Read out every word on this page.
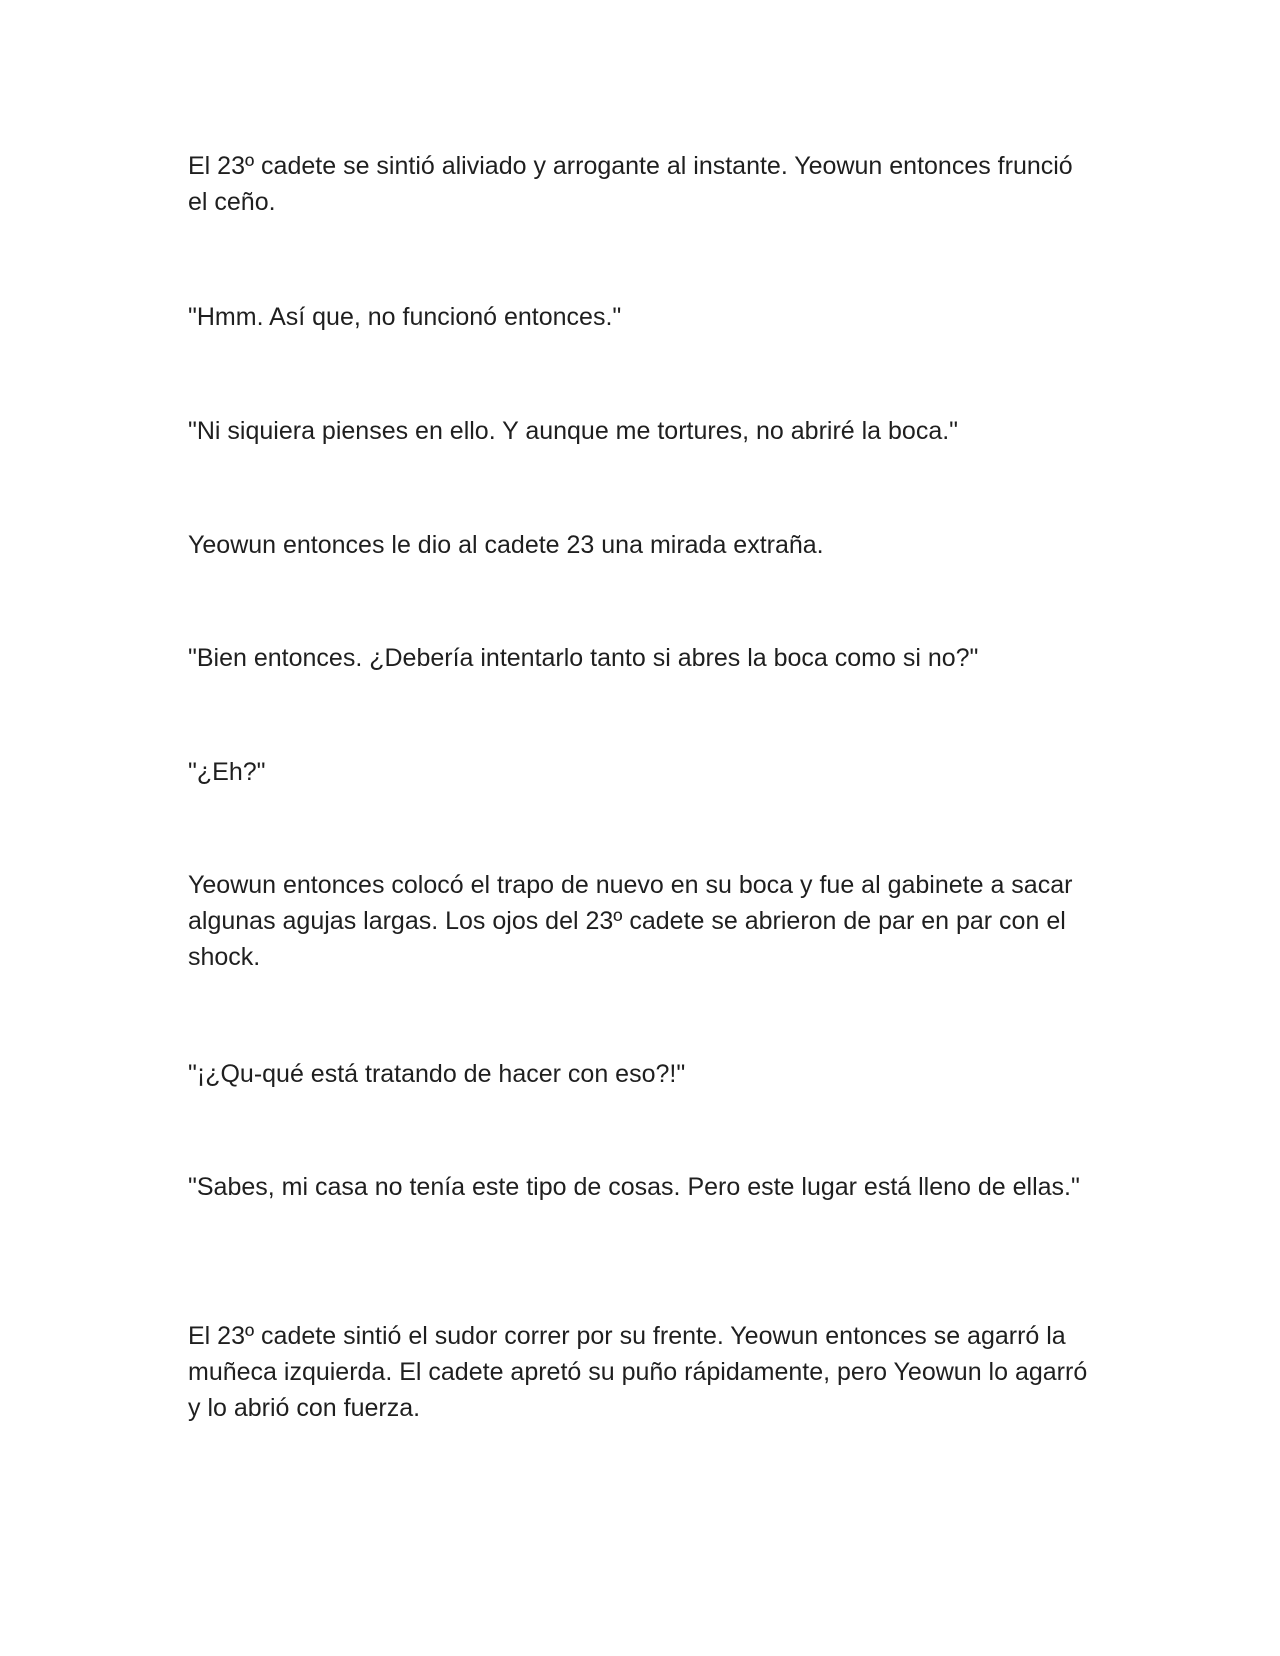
El 23º cadete se sintió aliviado y arrogante al instante. Yeowun entonces frunció el ceño.

"Hmm. Así que, no funcionó entonces."

"Ni siquiera pienses en ello. Y aunque me tortures, no abriré la boca."

Yeowun entonces le dio al cadete 23 una mirada extraña.

"Bien entonces. ¿Debería intentarlo tanto si abres la boca como si no?"

"¿Eh?"

Yeowun entonces colocó el trapo de nuevo en su boca y fue al gabinete a sacar algunas agujas largas. Los ojos del 23º cadete se abrieron de par en par con el shock.

"¡¿Qu-qué está tratando de hacer con eso?!"

"Sabes, mi casa no tenía este tipo de cosas. Pero este lugar está lleno de ellas."

El 23º cadete sintió el sudor correr por su frente. Yeowun entonces se agarró la muñeca izquierda. El cadete apretó su puño rápidamente, pero Yeowun lo agarró y lo abrió con fuerza.
